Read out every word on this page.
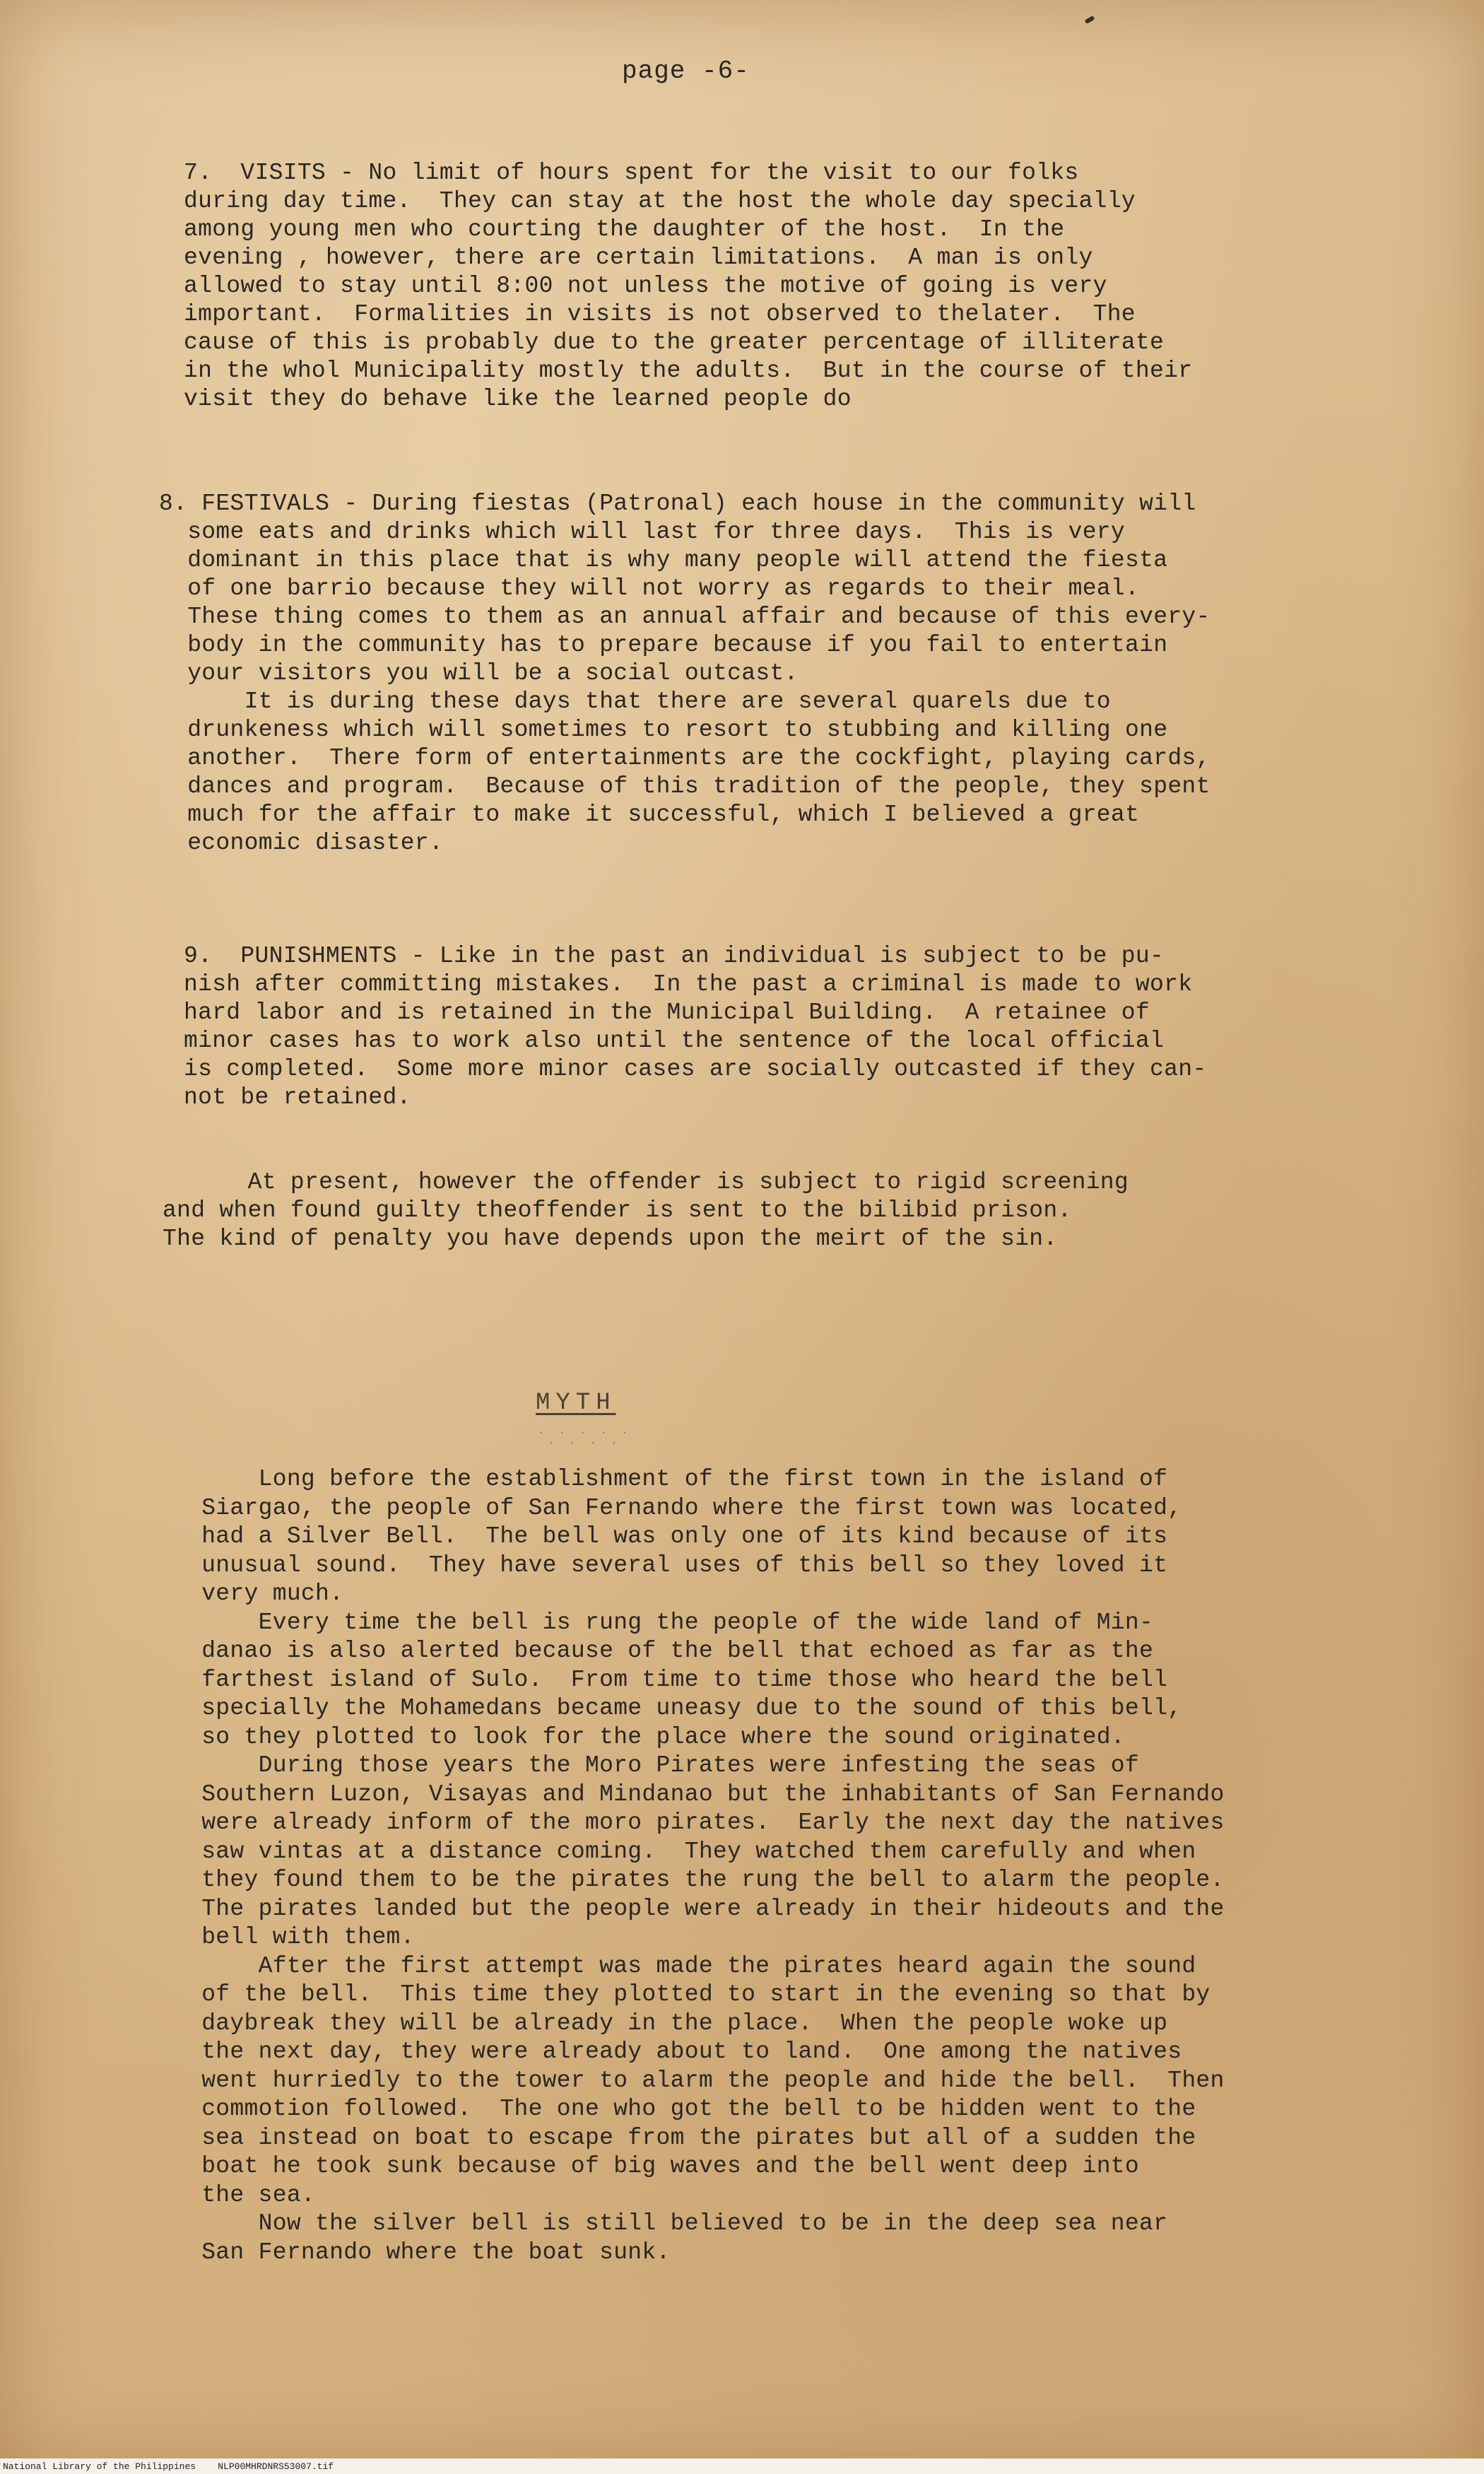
page -6-
7.  VISITS - No limit of hours spent for the visit to our folks
during day time.  They can stay at the host the whole day specially
among young men who courting the daughter of the host.  In the
evening , however, there are certain limitations.  A man is only
allowed to stay until 8:00 not unless the motive of going is very
important.  Formalities in visits is not observed to thelater.  The
cause of this is probably due to the greater percentage of illiterate
in the whol Municipality mostly the adults.  But in the course of their
visit they do behave like the learned people do
8. FESTIVALS - During fiestas (Patronal) each house in the community will
some eats and drinks which will last for three days.  This is very
dominant in this place that is why many people will attend the fiesta
of one barrio because they will not worry as regards to their meal.
These thing comes to them as an annual affair and because of this every-
body in the community has to prepare because if you fail to entertain
your visitors you will be a social outcast.
It is during these days that there are several quarels due to
drunkeness which will sometimes to resort to stubbing and killing one
another.  There form of entertainments are the cockfight, playing cards,
dances and program.  Because of this tradition of the people, they spent
much for the affair to make it successful, which I believed a great
economic disaster.
9.  PUNISHMENTS - Like in the past an individual is subject to be pu-
nish after committing mistakes.  In the past a criminal is made to work
hard labor and is retained in the Municipal Building.  A retainee of
minor cases has to work also until the sentence of the local official
is completed.  Some more minor cases are socially outcasted if they can-
not be retained.
At present, however the offender is subject to rigid screening
and when found guilty theoffender is sent to the bilibid prison.
The kind of penalty you have depends upon the meirt of the sin.
MYTH
˙ˏ˙ˏ˙ˏ˙ˏ˙
Long before the establishment of the first town in the island of
Siargao, the people of San Fernando where the first town was located,
had a Silver Bell.  The bell was only one of its kind because of its
unusual sound.  They have several uses of this bell so they loved it
very much.
Every time the bell is rung the people of the wide land of Min-
danao is also alerted because of the bell that echoed as far as the
farthest island of Sulo.  From time to time those who heard the bell
specially the Mohamedans became uneasy due to the sound of this bell,
so they plotted to look for the place where the sound originated.
During those years the Moro Pirates were infesting the seas of
Southern Luzon, Visayas and Mindanao but the inhabitants of San Fernando
were already inform of the moro pirates.  Early the next day the natives
saw vintas at a distance coming.  They watched them carefully and when
they found them to be the pirates the rung the bell to alarm the people.
The pirates landed but the people were already in their hideouts and the
bell with them.
After the first attempt was made the pirates heard again the sound
of the bell.  This time they plotted to start in the evening so that by
daybreak they will be already in the place.  When the people woke up
the next day, they were already about to land.  One among the natives
went hurriedly to the tower to alarm the people and hide the bell.  Then
commotion followed.  The one who got the bell to be hidden went to the
sea instead on boat to escape from the pirates but all of a sudden the
boat he took sunk because of big waves and the bell went deep into
the sea.
Now the silver bell is still believed to be in the deep sea near
San Fernando where the boat sunk.
National Library of the Philippines    NLP00MHRDNRS53007.tif
